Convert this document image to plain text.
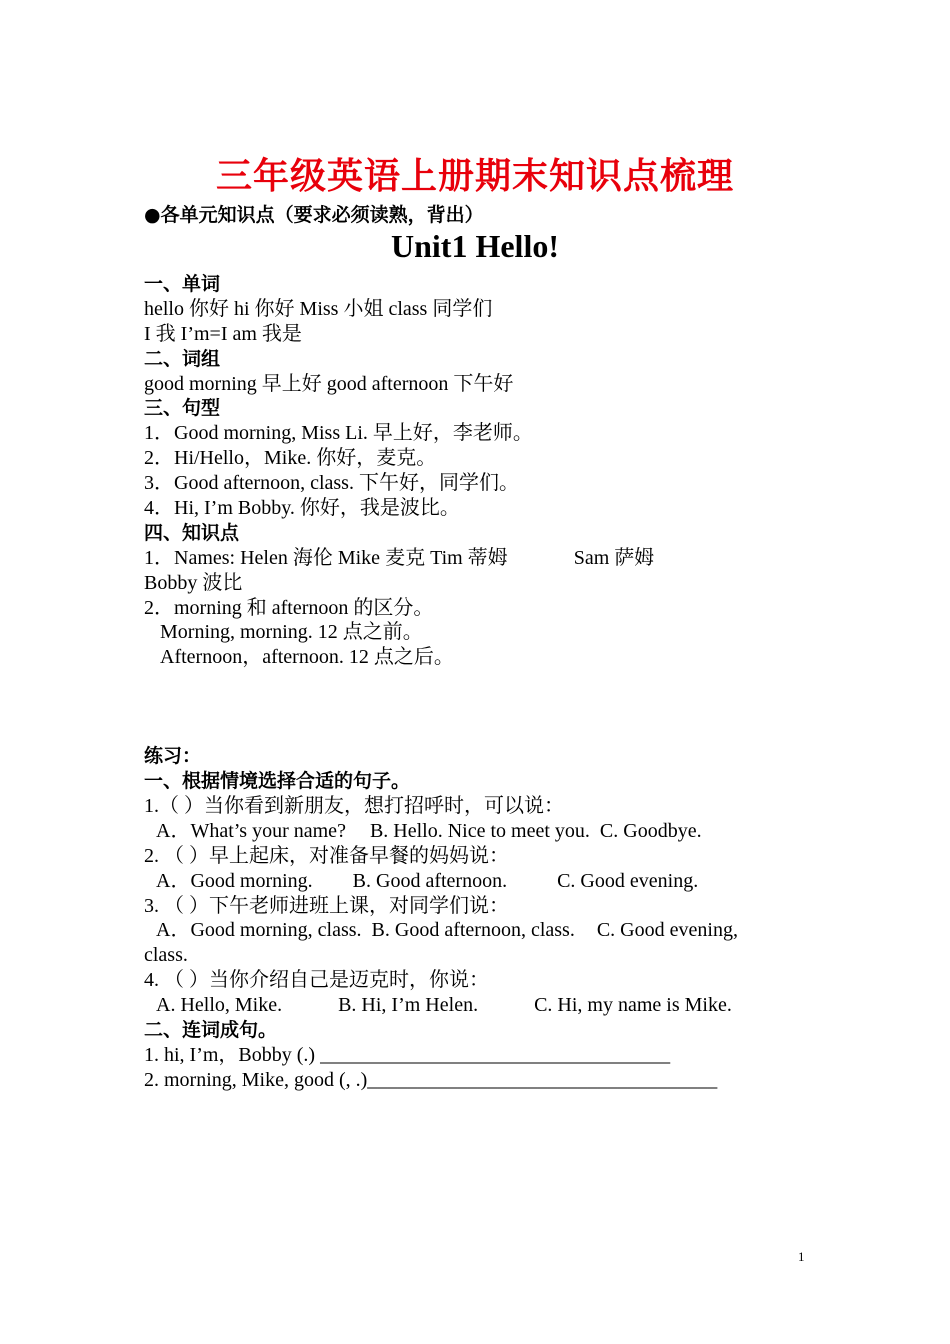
三年级英语上册期末知识点梳理
●各单元知识点（要求必须读熟，背出）
Unit1 Hello!
一、单词
hello 你好 hi 你好 Miss 小姐 class 同学们
I 我 I’m=I am 我是
二、词组
good morning 早上好 good afternoon 下午好
三、句型
1．Good morning, Miss Li. 早上好，李老师。
2．Hi/Hello，Mike. 你好，麦克。
3．Good afternoon, class. 下午好，同学们。
4．Hi, I’m Bobby. 你好，我是波比。
四、知识点
1．Names: Helen 海伦 Mike 麦克 Tim 蒂姆	Sam 萨姆
Bobby 波比
2．morning 和 afternoon 的区分。
Morning, morning. 12 点之前。
Afternoon，afternoon. 12 点之后。
练习：
一、根据情境选择合适的句子。
1.（ ）当你看到新朋友，想打招呼时，可以说：
A．What’s your name? B. Hello. Nice to meet you. C. Goodbye.
2. （ ）早上起床，对准备早餐的妈妈说：
A．Good morning. B. Good afternoon.	C. Good evening.
3. （ ）下午老师进班上课，对同学们说：
A．Good morning, class. B. Good afternoon, class. C. Good evening,
class.
4. （ ）当你介绍自己是迈克时，你说：
A. Hello, Mike.	B. Hi, I’m Helen.	C. Hi, my name is Mike.
二、连词成句。
1. hi, I’m，Bobby (.) ___________________________________
2. morning, Mike, good (, .)___________________________________
1
